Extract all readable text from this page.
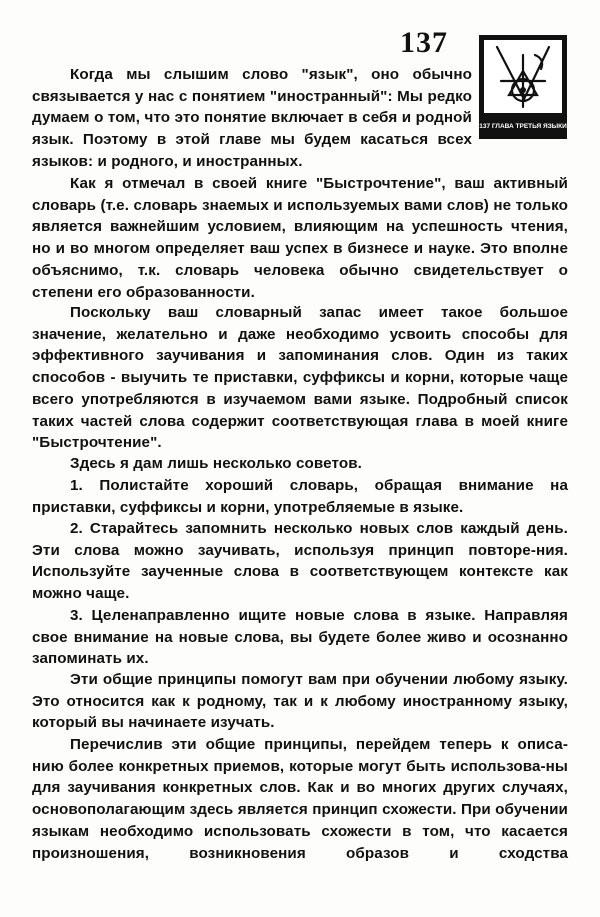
137
137 ГЛАВА ТРЕТЬЯ ЯЗЫКИ

Когда мы слышим слово "язык", оно обычно связывается у нас с понятием "иностранный": Мы редко думаем о том, что это понятие включает в себя и родной язык. Поэтому в этой главе мы будем касаться всех языков: и родного, и иностранных.

Как я отмечал в своей книге "Быстрочтение", ваш активный словарь (т.е. словарь знаемых и используемых вами слов) не только является важнейшим условием, влияющим на успешность чтения, но и во многом определяет ваш успех в бизнесе и науке. Это вполне объяснимо, т.к. словарь человека обычно свидетельствует о степени его образованности.

Поскольку ваш словарный запас имеет такое большое значение, желательно и даже необходимо усвоить способы для эффективного заучивания и запоминания слов. Один из таких способов - выучить те приставки, суффиксы и корни, которые чаще всего употребляются в изучаемом вами языке. Подробный список таких частей слова содержит соответствующая глава в моей книге "Быстрочтение".

Здесь я дам лишь несколько советов.

1. Полистайте хороший словарь, обращая внимание на приставки, суффиксы и корни, употребляемые в языке.

2. Старайтесь запомнить несколько новых слов каждый день. Эти слова можно заучивать, используя принцип повторе-ния. Используйте заученные слова в соответствующем контексте как можно чаще.

3. Целенаправленно ищите новые слова в языке. Направляя свое внимание на новые слова, вы будете более живо и осознанно запоминать их.

Эти общие принципы помогут вам при обучении любому языку. Это относится как к родному, так и к любому иностранному языку, который вы начинаете изучать.

Перечислив эти общие принципы, перейдем теперь к описа-нию более конкретных приемов, которые могут быть использова-ны для заучивания конкретных слов. Как и во многих других случаях, основополагающим здесь является принцип схожести. При обучении языкам необходимо использовать схожести в том, что касается произношения, возникновения образов и сходства
